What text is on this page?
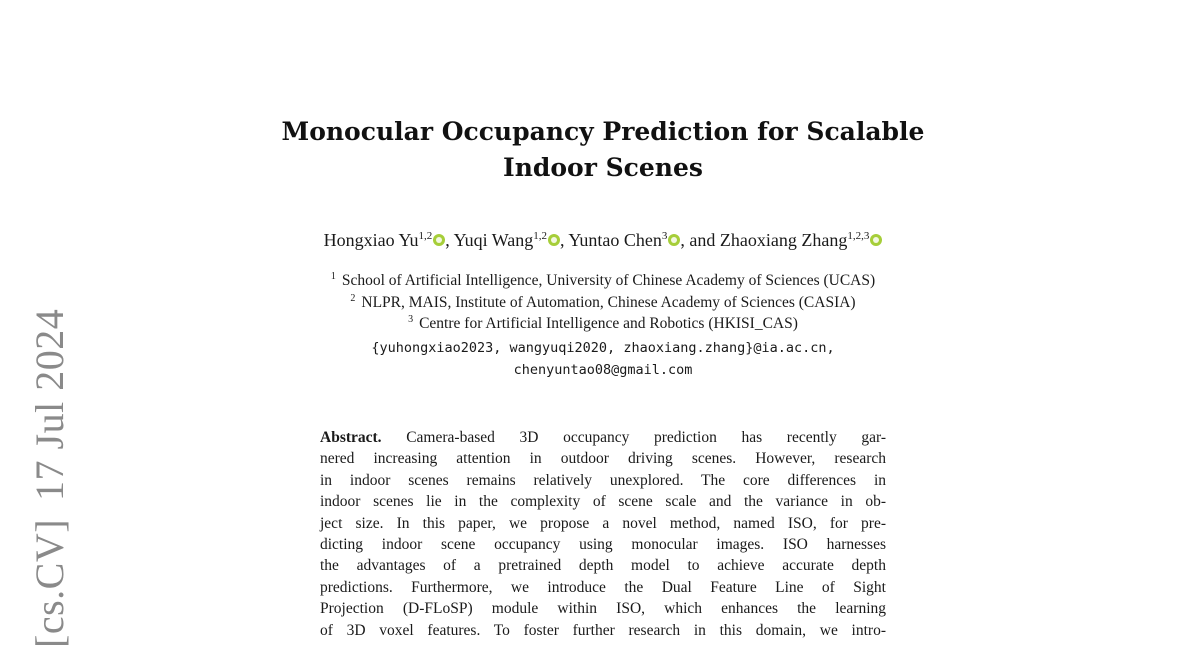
[cs.CV]17 Jul 2024
Monocular Occupancy Prediction for Scalable
Indoor Scenes
Hongxiao Yu$^{1,2}$ , Yuqi Wang$^{1,2}$ , Yuntao Chen$^3$ , and Zhaoxiang Zhang$^{1,2,3}$
$^1$ School of Artificial Intelligence, University of Chinese Academy of Sciences (UCAS)
$^2$ NLPR, MAIS, Institute of Automation, Chinese Academy of Sciences (CASIA)
$^3$ Centre for Artificial Intelligence and Robotics (HKISI_CAS)
{yuhongxiao2023, wangyuqi2020, zhaoxiang.zhang}@ia.ac.cn,
chenyuntao08@gmail.com
Abstract. Camera-based 3D occupancy prediction has recently gar-
nered increasing attention in outdoor driving scenes. However, research
in indoor scenes remains relatively unexplored. The core differences in
indoor scenes lie in the complexity of scene scale and the variance in ob-
ject size. In this paper, we propose a novel method, named ISO, for pre-
dicting indoor scene occupancy using monocular images. ISO harnesses
the advantages of a pretrained depth model to achieve accurate depth
predictions. Furthermore, we introduce the Dual Feature Line of Sight
Projection (D-FLoSP) module within ISO, which enhances the learning
of 3D voxel features. To foster further research in this domain, we intro-
